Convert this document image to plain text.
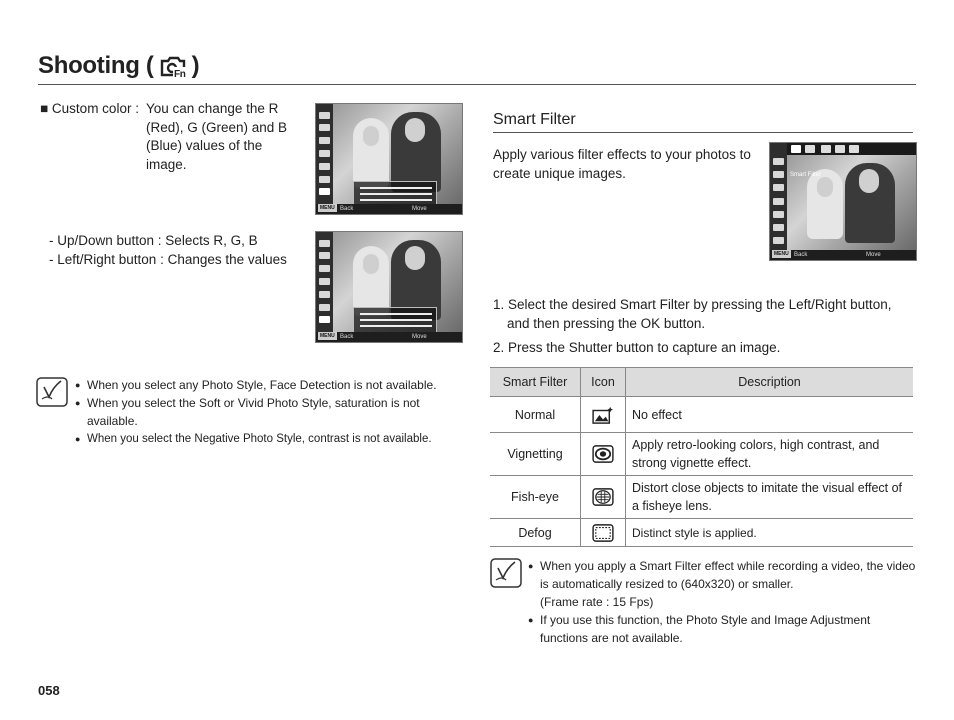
Shooting ( Fn )
■ Custom color : You can change the R (Red), G (Green) and B (Blue) values of the image.
- Up/Down button : Selects R, G, B
- Left/Right button : Changes the values
MENU Back	Move
MENU Back	Move
● When you select any Photo Style, Face Detection is not available.
● When you select the Soft or Vivid Photo Style, saturation is not available.
● When you select the Negative Photo Style, contrast is not available.
Smart Filter
Apply various filter effects to your photos to create unique images.	Smart Filter
MENU Back	Move
1. Select the desired Smart Filter by pressing the Left/Right button, and then pressing the OK button.
2. Press the Shutter button to capture an image.
Smart Filter	Icon	Description
Normal		No effect
Vignetting		Apply retro-looking colors, high contrast, and strong vignette effect.
Fish-eye		Distort close objects to imitate the visual effect of a fisheye lens.
Defog		Distinct style is applied.
● When you apply a Smart Filter effect while recording a video, the video is automatically resized to (640x320) or smaller.
(Frame rate : 15 Fps)
● If you use this function, the Photo Style and Image Adjustment functions are not available.
058
